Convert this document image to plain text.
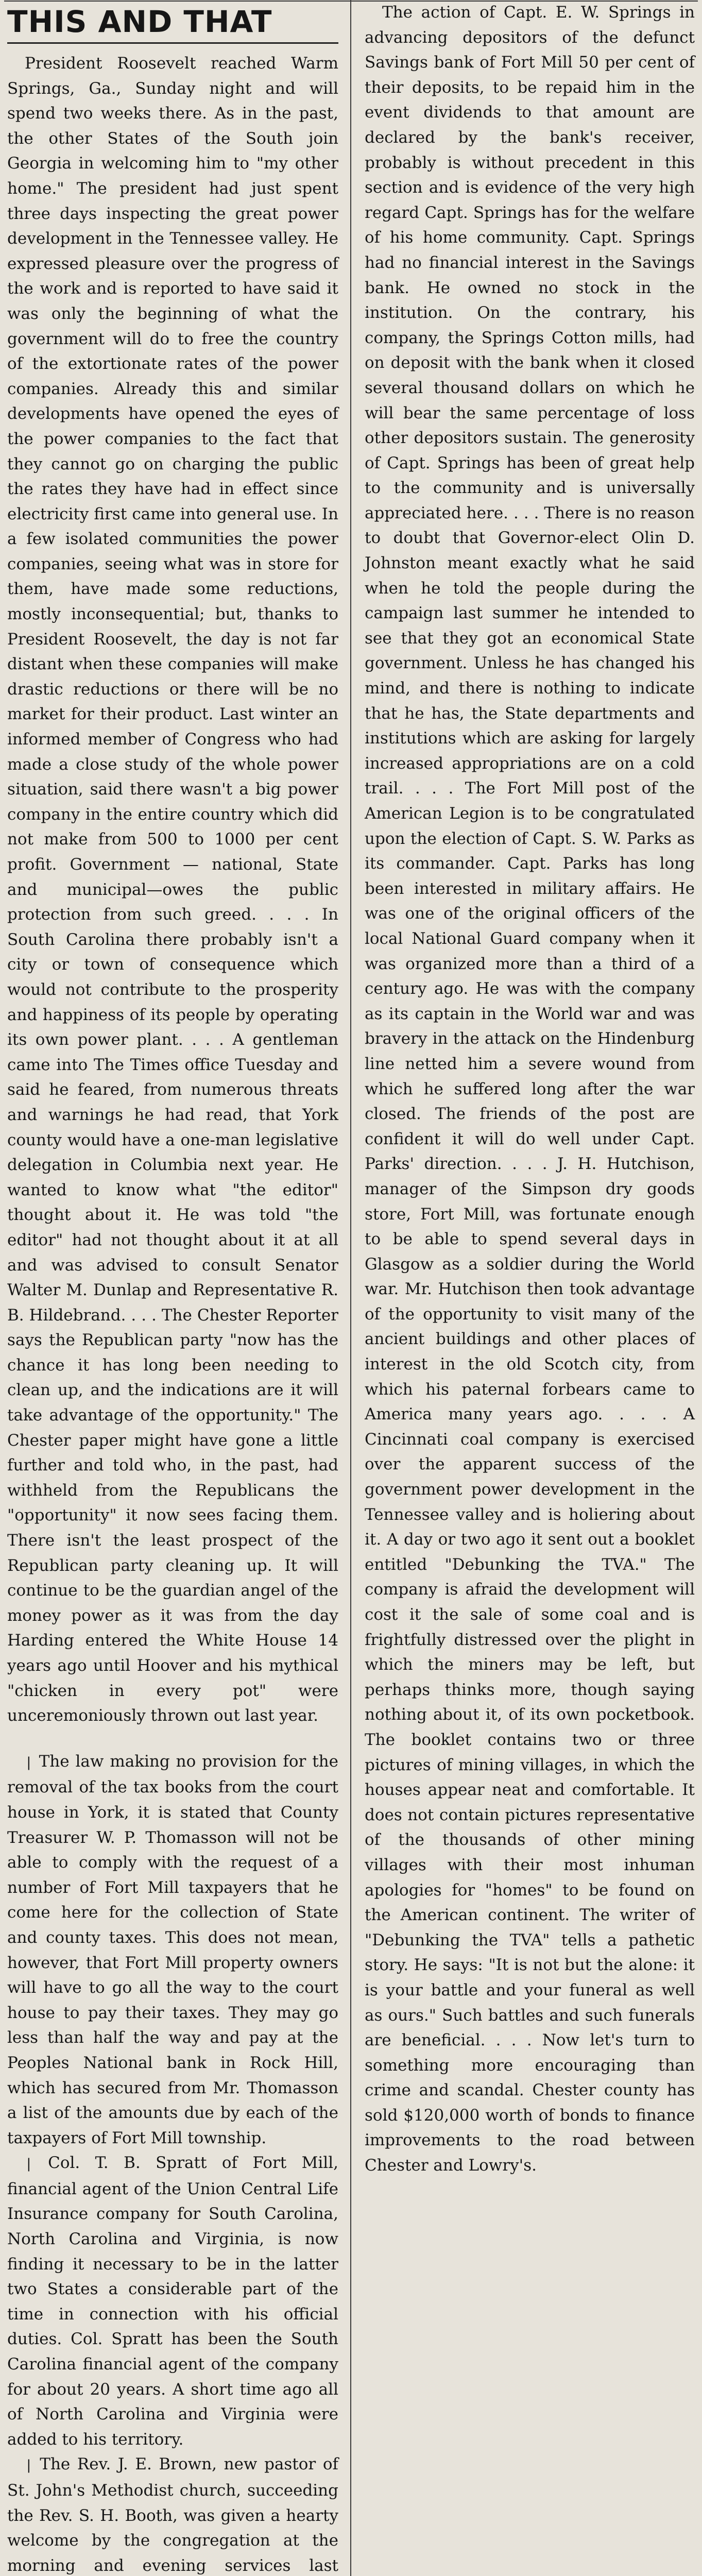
THIS AND THAT

President Roosevelt reached Warm Springs, Ga., Sunday night and will spend two weeks there. As in the past, the other States of the South join Georgia in welcoming him to "my other home." The president had just spent three days inspecting the great power development in the Tennessee valley. He expressed pleasure over the progress of the work and is reported to have said it was only the beginning of what the government will do to free the country of the extortionate rates of the power companies. Already this and similar developments have opened the eyes of the power companies to the fact that they cannot go on charging the public the rates they have had in effect since electricity first came into general use. In a few isolated communities the power companies, seeing what was in store for them, have made some reductions, mostly inconsequential; but, thanks to President Roosevelt, the day is not far distant when these companies will make drastic reductions or there will be no market for their product. Last winter an informed member of Congress who had made a close study of the whole power situation, said there wasn't a big power company in the entire country which did not make from 500 to 1000 per cent profit. Government — national, State and municipal—owes the public protection from such greed. . . . In South Carolina there probably isn't a city or town of consequence which would not contribute to the prosperity and happiness of its people by operating its own power plant. . . . A gentleman came into The Times office Tuesday and said he feared, from numerous threats and warnings he had read, that York county would have a one-man legislative delegation in Columbia next year. He wanted to know what "the editor" thought about it. He was told "the editor" had not thought about it at all and was advised to consult Senator Walter M. Dunlap and Representative R. B. Hildebrand. . . . The Chester Reporter says the Republican party "now has the chance it has long been needing to clean up, and the indications are it will take advantage of the opportunity." The Chester paper might have gone a little further and told who, in the past, had withheld from the Republicans the "opportunity" it now sees facing them. There isn't the least prospect of the Republican party cleaning up. It will continue to be the guardian angel of the money power as it was from the day Harding entered the White House 14 years ago until Hoover and his mythical "chicken in every pot" were unceremoniously thrown out last year.

| The law making no provision for the removal of the tax books from the court house in York, it is stated that County Treasurer W. P. Thomasson will not be able to comply with the request of a number of Fort Mill taxpayers that he come here for the collection of State and county taxes. This does not mean, however, that Fort Mill property owners will have to go all the way to the court house to pay their taxes. They may go less than half the way and pay at the Peoples National bank in Rock Hill, which has secured from Mr. Thomasson a list of the amounts due by each of the taxpayers of Fort Mill township.

| Col. T. B. Spratt of Fort Mill, financial agent of the Union Central Life Insurance company for South Carolina, North Carolina and Virginia, is now finding it necessary to be in the latter two States a considerable part of the time in connection with his official duties. Col. Spratt has been the South Carolina financial agent of the company for about 20 years. A short time ago all of North Carolina and Virginia were added to his territory.

| The Rev. J. E. Brown, new pastor of St. John's Methodist church, succeeding the Rev. S. H. Booth, was given a hearty welcome by the congregation at the morning and evening services last

The action of Capt. E. W. Springs in advancing depositors of the defunct Savings bank of Fort Mill 50 per cent of their deposits, to be repaid him in the event dividends to that amount are declared by the bank's receiver, probably is without precedent in this section and is evidence of the very high regard Capt. Springs has for the welfare of his home community. Capt. Springs had no financial interest in the Savings bank. He owned no stock in the institution. On the contrary, his company, the Springs Cotton mills, had on deposit with the bank when it closed several thousand dollars on which he will bear the same percentage of loss other depositors sustain. The generosity of Capt. Springs has been of great help to the community and is universally appreciated here. . . . There is no reason to doubt that Governor-elect Olin D. Johnston meant exactly what he said when he told the people during the campaign last summer he intended to see that they got an economical State government. Unless he has changed his mind, and there is nothing to indicate that he has, the State departments and institutions which are asking for largely increased appropriations are on a cold trail. . . . The Fort Mill post of the American Legion is to be congratulated upon the election of Capt. S. W. Parks as its commander. Capt. Parks has long been interested in military affairs. He was one of the original officers of the local National Guard company when it was organized more than a third of a century ago. He was with the company as its captain in the World war and was bravery in the attack on the Hindenburg line netted him a severe wound from which he suffered long after the war closed. The friends of the post are confident it will do well under Capt. Parks' direction. . . . J. H. Hutchison, manager of the Simpson dry goods store, Fort Mill, was fortunate enough to be able to spend several days in Glasgow as a soldier during the World war. Mr. Hutchison then took advantage of the opportunity to visit many of the ancient buildings and other places of interest in the old Scotch city, from which his paternal forbears came to America many years ago. . . . A Cincinnati coal company is exercised over the apparent success of the government power development in the Tennessee valley and is holiering about it. A day or two ago it sent out a booklet entitled "Debunking the TVA." The company is afraid the development will cost it the sale of some coal and is frightfully distressed over the plight in which the miners may be left, but perhaps thinks more, though saying nothing about it, of its own pocketbook. The booklet contains two or three pictures of mining villages, in which the houses appear neat and comfortable. It does not contain pictures representative of the thousands of other mining villages with their most inhuman apologies for "homes" to be found on the American continent. The writer of "Debunking the TVA" tells a pathetic story. He says: "It is not but the alone: it is your battle and your funeral as well as ours." Such battles and such funerals are beneficial. . . . Now let's turn to something more encouraging than crime and scandal. Chester county has sold $120,000 worth of bonds to finance improvements to the road between Chester and Lowry's.
